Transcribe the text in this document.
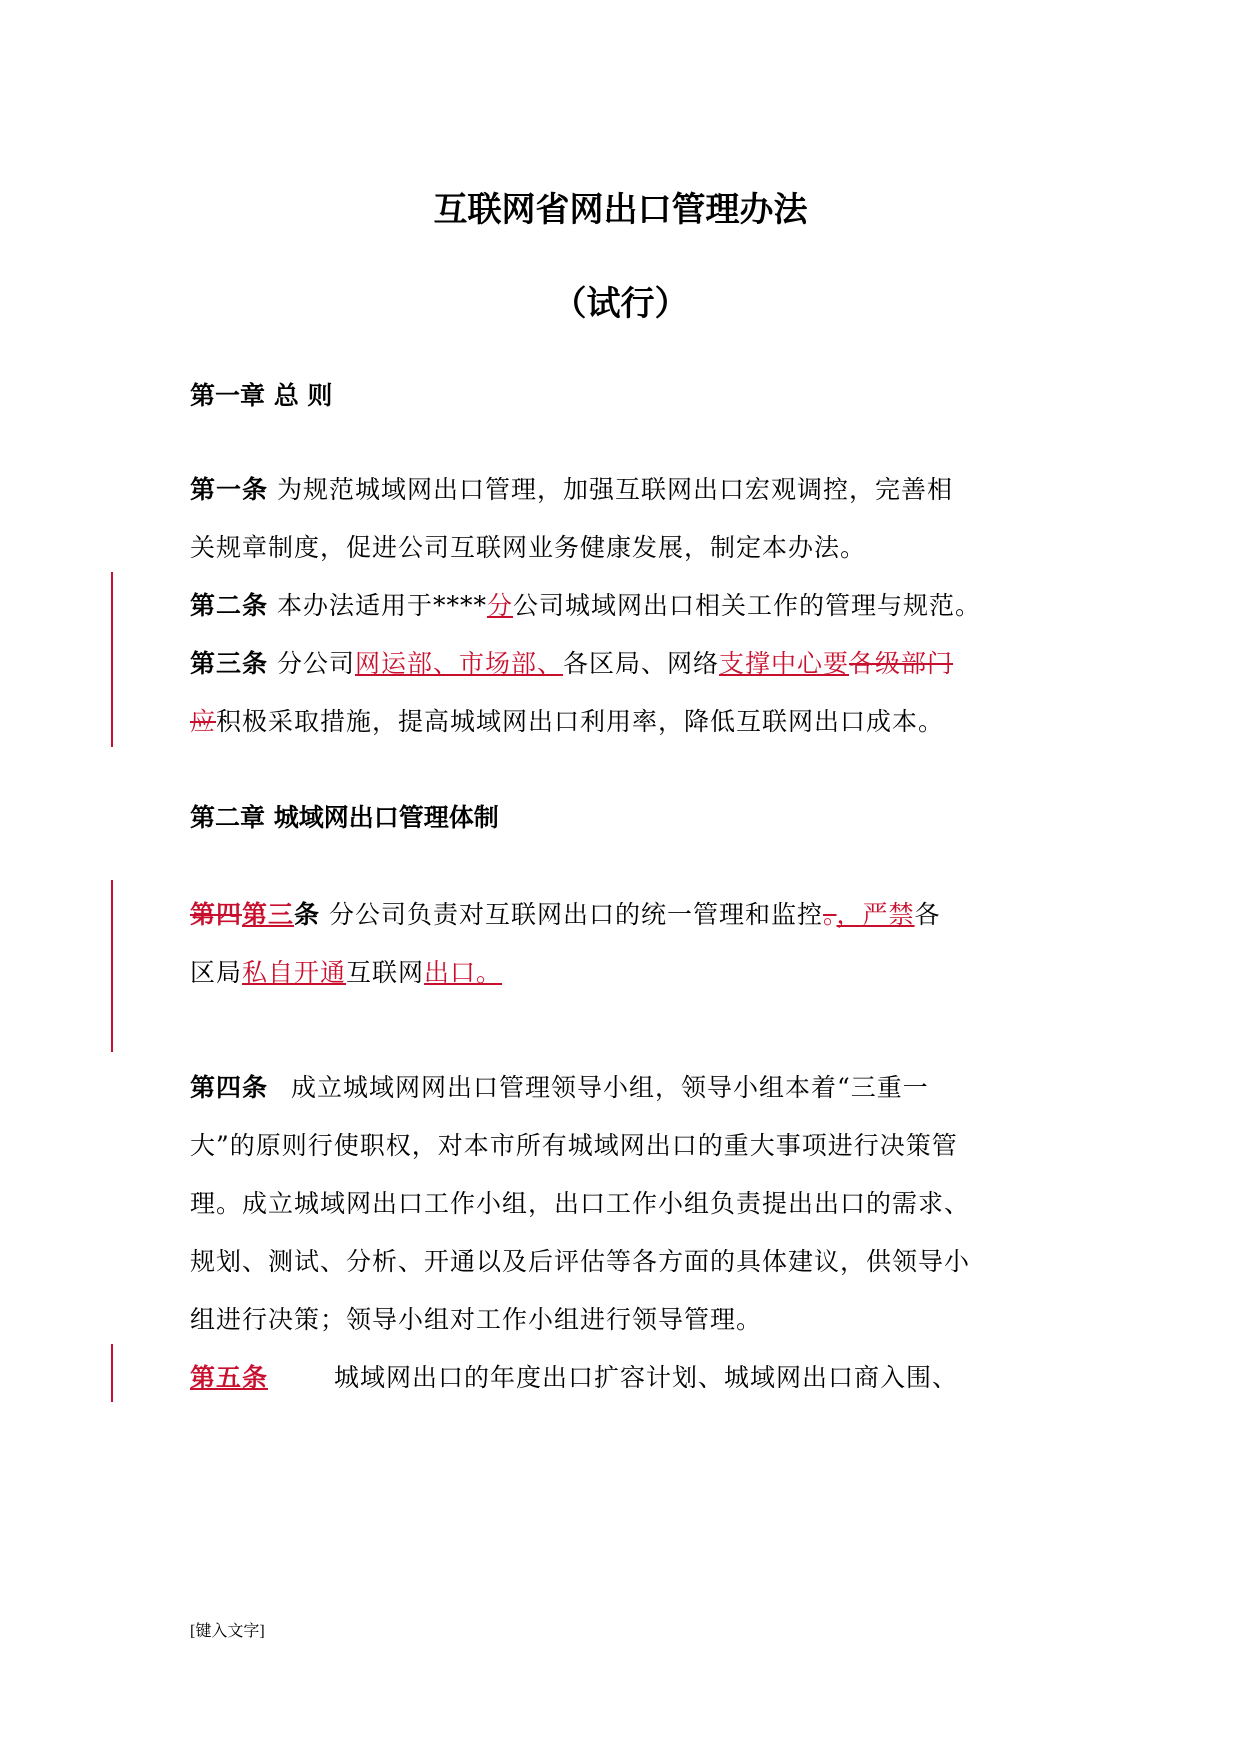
互联网省网出口管理办法
（试行）
第一章 总 则
第一条 为规范城域网出口管理，加强互联网出口宏观调控，完善相
关规章制度，促进公司互联网业务健康发展，制定本办法。
第二条 本办法适用于****分公司城域网出口相关工作的管理与规范。
第三条 分公司网运部、市场部、各区局、网络支撑中心要各级部门
应积极采取措施，提高城域网出口利用率，降低互联网出口成本。
第二章 城域网出口管理体制
第四第三条 分公司负责对互联网出口的统一管理和监控。，严禁各
区局私自开通互联网出口。
第四条 成立城域网网出口管理领导小组，领导小组本着“三重一
大”的原则行使职权，对本市所有城域网出口的重大事项进行决策管
理。成立城域网出口工作小组，出口工作小组负责提出出口的需求、
规划、测试、分析、开通以及后评估等各方面的具体建议，供领导小
组进行决策；领导小组对工作小组进行领导管理。
第五条	城域网出口的年度出口扩容计划、城域网出口商入围、
[键入文字]
